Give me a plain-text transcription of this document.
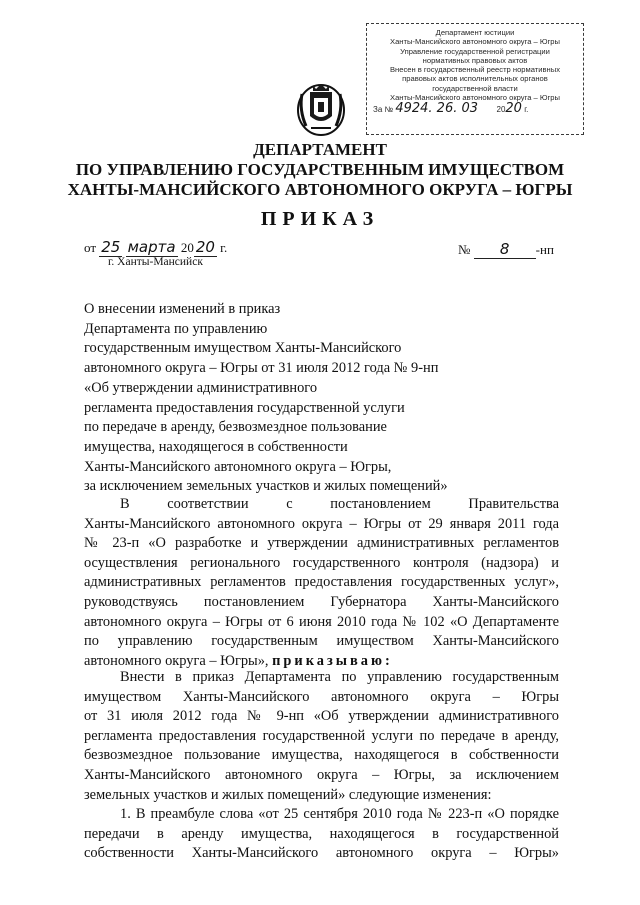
Департамент юстиции
Ханты-Мансийского автономного округа – Югры
Управление государственной регистрации
нормативных правовых актов
Внесен в государственный реестр нормативных
правовых актов исполнительных органов
государственной власти
Ханты-Мансийского автономного округа – Югры
За № 4924. 26. 03 2020 г.
ДЕПАРТАМЕНТ
ПО УПРАВЛЕНИЮ ГОСУДАРСТВЕННЫМ ИМУЩЕСТВОМ
ХАНТЫ-МАНСИЙСКОГО АВТОНОМНОГО ОКРУГА – ЮГРЫ
ПРИКАЗ
от 25 марта 20 20 г.
г. Ханты-Мансийск
№ 8 -нп
О внесении изменений в приказ
Департамента по управлению
государственным имуществом Ханты-Мансийского
автономного округа – Югры от 31 июля 2012 года № 9-нп
«Об утверждении административного
регламента предоставления государственной услуги
по передаче в аренду, безвозмездное пользование
имущества, находящегося в собственности
Ханты-Мансийского автономного округа – Югры,
за исключением земельных участков и жилых помещений»
В соответствии с постановлением Правительства
Ханты-Мансийского автономного округа – Югры от 29 января 2011 года
№ 23-п «О разработке и утверждении административных регламентов
осуществления регионального государственного контроля (надзора) и
административных регламентов предоставления государственных услуг»,
руководствуясь постановлением Губернатора Ханты-Мансийского
автономного округа – Югры от 6 июня 2010 года № 102 «О Департаменте
по управлению государственным имуществом Ханты-Мансийского
автономного округа – Югры», приказываю:
Внести в приказ Департамента по управлению государственным
имуществом Ханты-Мансийского автономного округа – Югры
от 31 июля 2012 года № 9-нп «Об утверждении административного
регламента предоставления государственной услуги по передаче в аренду,
безвозмездное пользование имущества, находящегося в собственности
Ханты-Мансийского автономного округа – Югры, за исключением
земельных участков и жилых помещений» следующие изменения:
1. В преамбуле слова «от 25 сентября 2010 года № 223-п «О порядке
передачи в аренду имущества, находящегося в государственной
собственности Ханты-Мансийского автономного округа – Югры»
